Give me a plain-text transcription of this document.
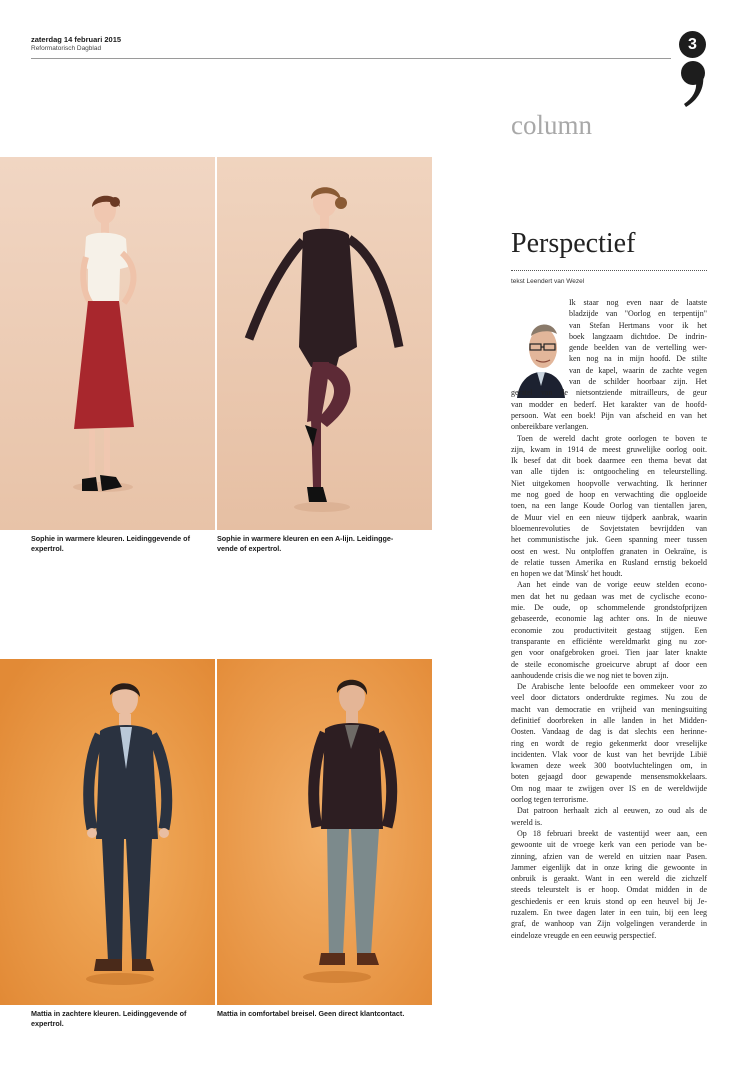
zaterdag 14 februari 2015
Reformatorisch Dagblad	3
column
Sophie in warmere kleuren. Leidinggevende of expertrol.
Sophie in warmere kleuren en een A-lijn. Leidingge-vende of expertrol.
Mattia in zachtere kleuren. Leidinggevende of expertrol.
Mattia in comfortabel breisel. Geen direct klantcontact.
Perspectief
tekst Leendert van Wezel
Ik staar nog even naar de laatste
bladzijde van "Oorlog en terpentijn"
van Stefan Hertmans voor ik het
boek langzaam dichtdoe. De indrin-
gende beelden van de vertelling wer-
ken nog na in mijn hoofd. De stilte
van de kapel, waarin de zachte vegen
van de schilder hoorbaar zijn. Het
geratel van de nietsontziende mitrailleurs, de geur
van modder en bederf. Het karakter van de hoofd-
persoon. Wat een boek! Pijn van afscheid en van het
onbereikbare verlangen.
Toen de wereld dacht grote oorlogen te boven te
zijn, kwam in 1914 de meest gruwelijke oorlog ooit.
Ik besef dat dit boek daarmee een thema bevat dat
van alle tijden is: ontgoocheling en teleurstelling.
Niet uitgekomen hoopvolle verwachting. Ik herinner
me nog goed de hoop en verwachting die opgloeide
toen, na een lange Koude Oorlog van tientallen jaren,
de Muur viel en een nieuw tijdperk aanbrak, waarin
bloemenrevoluties de Sovjetstaten bevrijdden van
het communistische juk. Geen spanning meer tussen
oost en west. Nu ontploffen granaten in Oekraïne, is
de relatie tussen Amerika en Rusland ernstig bekoeld
en hopen we dat 'Minsk' het houdt.
Aan het einde van de vorige eeuw stelden econo-
men dat het nu gedaan was met de cyclische econo-
mie. De oude, op schommelende grondstofprijzen
gebaseerde, economie lag achter ons. In de nieuwe
economie zou productiviteit gestaag stijgen. Een
transparante en efficiënte wereldmarkt ging nu zor-
gen voor onafgebroken groei. Tien jaar later knakte
de steile economische groeicurve abrupt af door een
aanhoudende crisis die we nog niet te boven zijn.
De Arabische lente beloofde een ommekeer voor zo
veel door dictators onderdrukte regimes. Nu zou de
macht van democratie en vrijheid van meningsuiting
definitief doorbreken in alle landen in het Midden-
Oosten. Vandaag de dag is dat slechts een herinne-
ring en wordt de regio gekenmerkt door vreselijke
incidenten. Vlak voor de kust van het bevrijde Libië
kwamen deze week 300 bootvluchtelingen om, in
boten gejaagd door gewapende mensensmokkelaars.
Om nog maar te zwijgen over IS en de wereldwijde
oorlog tegen terrorisme.
Dat patroon herhaalt zich al eeuwen, zo oud als de
wereld is.
Op 18 februari breekt de vastentijd weer aan, een
gewoonte uit de vroege kerk van een periode van be-
zinning, afzien van de wereld en uitzien naar Pasen.
Jammer eigenlijk dat in onze kring die gewoonte in
onbruik is geraakt. Want in een wereld die zichzelf
steeds teleurstelt is er hoop. Omdat midden in de
geschiedenis er een kruis stond op een heuvel bij Je-
ruzalem. En twee dagen later in een tuin, bij een leeg
graf, de wanhoop van Zijn volgelingen veranderde in
eindeloze vreugde en een eeuwig perspectief.
